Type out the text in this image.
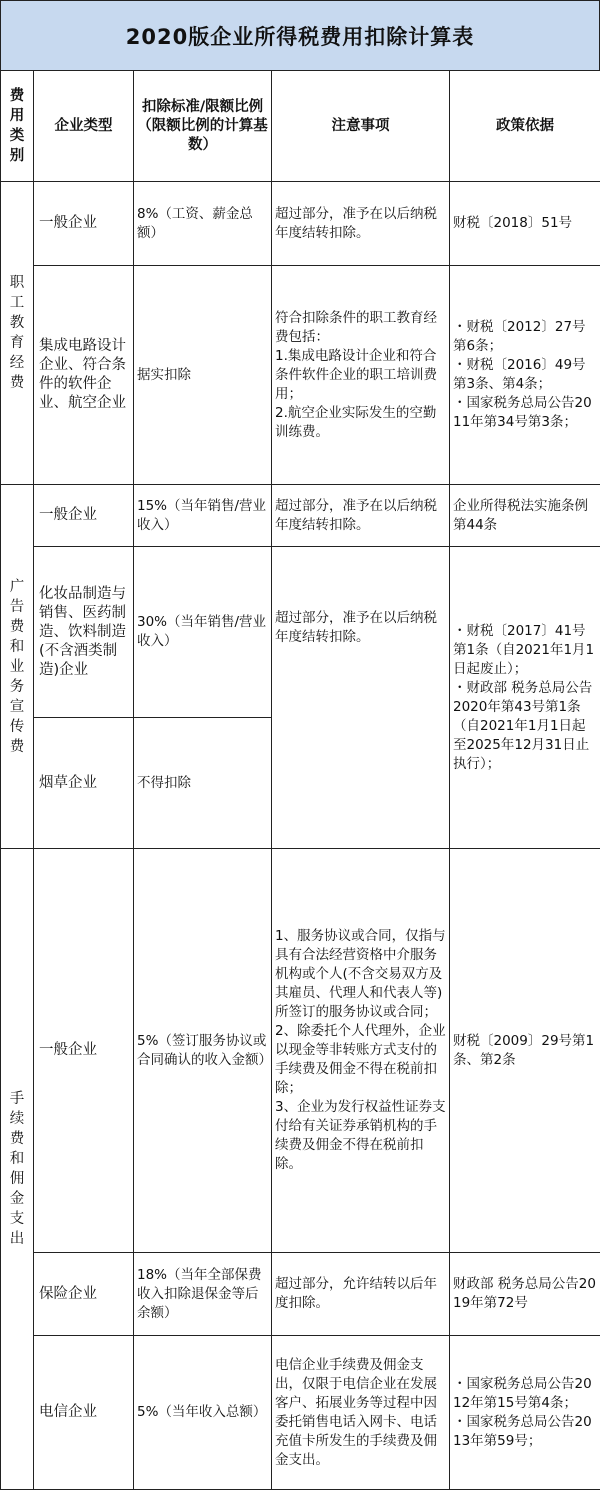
2020版企业所得税费用扣除计算表
费用类别	企业类型	扣除标准/限额比例（限额比例的计算基数）	注意事项	政策依据

职工教育经费	一般企业	8%（工资、薪金总额）	超过部分，准予在以后纳税年度结转扣除。	财税〔2018〕51号

	集成电路设计企业、符合条件的软件企业、航空企业	据实扣除	符合扣除条件的职工教育经费包括：
1.集成电路设计企业和符合条件软件企业的职工培训费用；
2.航空企业实际发生的空勤训练费。	・财税〔2012〕27号第6条；
・财税〔2016〕49号第3条、第4条；
・国家税务总局公告2011年第34号第3条；

广告费和业务宣传费	一般企业	15%（当年销售/营业收入）	超过部分，准予在以后纳税年度结转扣除。	企业所得税法实施条例第44条

	化妆品制造与销售、医药制造、饮料制造(不含酒类制造)企业	30%（当年销售/营业收入）	超过部分，准予在以后纳税年度结转扣除。	・财税〔2017〕41号第1条（自2021年1月1日起废止）；
・财政部 税务总局公告2020年第43号第1条（自2021年1月1日起至2025年12月31日止执行）；

	烟草企业	不得扣除		

手续费和佣金支出	一般企业	5%（签订服务协议或合同确认的收入金额）	1、服务协议或合同，仅指与具有合法经营资格中介服务机构或个人(不含交易双方及其雇员、代理人和代表人等)所签订的服务协议或合同；
2、除委托个人代理外，企业以现金等非转账方式支付的手续费及佣金不得在税前扣除；
3、企业为发行权益性证券支付给有关证券承销机构的手续费及佣金不得在税前扣除。	财税〔2009〕29号第1条、第2条

	保险企业	18%（当年全部保费收入扣除退保金等后余额）	超过部分，允许结转以后年度扣除。	财政部 税务总局公告2019年第72号

	电信企业	5%（当年收入总额）	电信企业手续费及佣金支出，仅限于电信企业在发展客户、拓展业务等过程中因委托销售电话入网卡、电话充值卡所发生的手续费及佣金支出。	・国家税务总局公告2012年第15号第4条；
・国家税务总局公告2013年第59号；
